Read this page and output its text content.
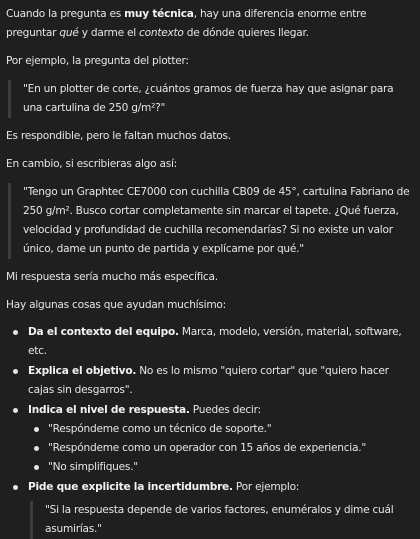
Cuando la pregunta es muy técnica, hay una diferencia enorme entre preguntar qué y darme el contexto de dónde quieres llegar.

Por ejemplo, la pregunta del plotter:

"En un plotter de corte, ¿cuántos gramos de fuerza hay que asignar para una cartulina de 250 g/m²?"

Es respondible, pero le faltan muchos datos.

En cambio, si escribieras algo así:

"Tengo un Graphtec CE7000 con cuchilla CB09 de 45°, cartulina Fabriano de 250 g/m². Busco cortar completamente sin marcar el tapete. ¿Qué fuerza, velocidad y profundidad de cuchilla recomendarías? Si no existe un valor único, dame un punto de partida y explícame por qué."

Mi respuesta sería mucho más específica.

Hay algunas cosas que ayudan muchísimo:

Da el contexto del equipo. Marca, modelo, versión, material, software, etc.
Explica el objetivo. No es lo mismo "quiero cortar" que "quiero hacer cajas sin desgarros".
Indica el nivel de respuesta. Puedes decir:
"Respóndeme como un técnico de soporte."
"Respóndeme como un operador con 15 años de experiencia."
"No simplifiques."
Pide que explicite la incertidumbre. Por ejemplo:

"Si la respuesta depende de varios factores, enuméralos y dime cuál asumirías."
